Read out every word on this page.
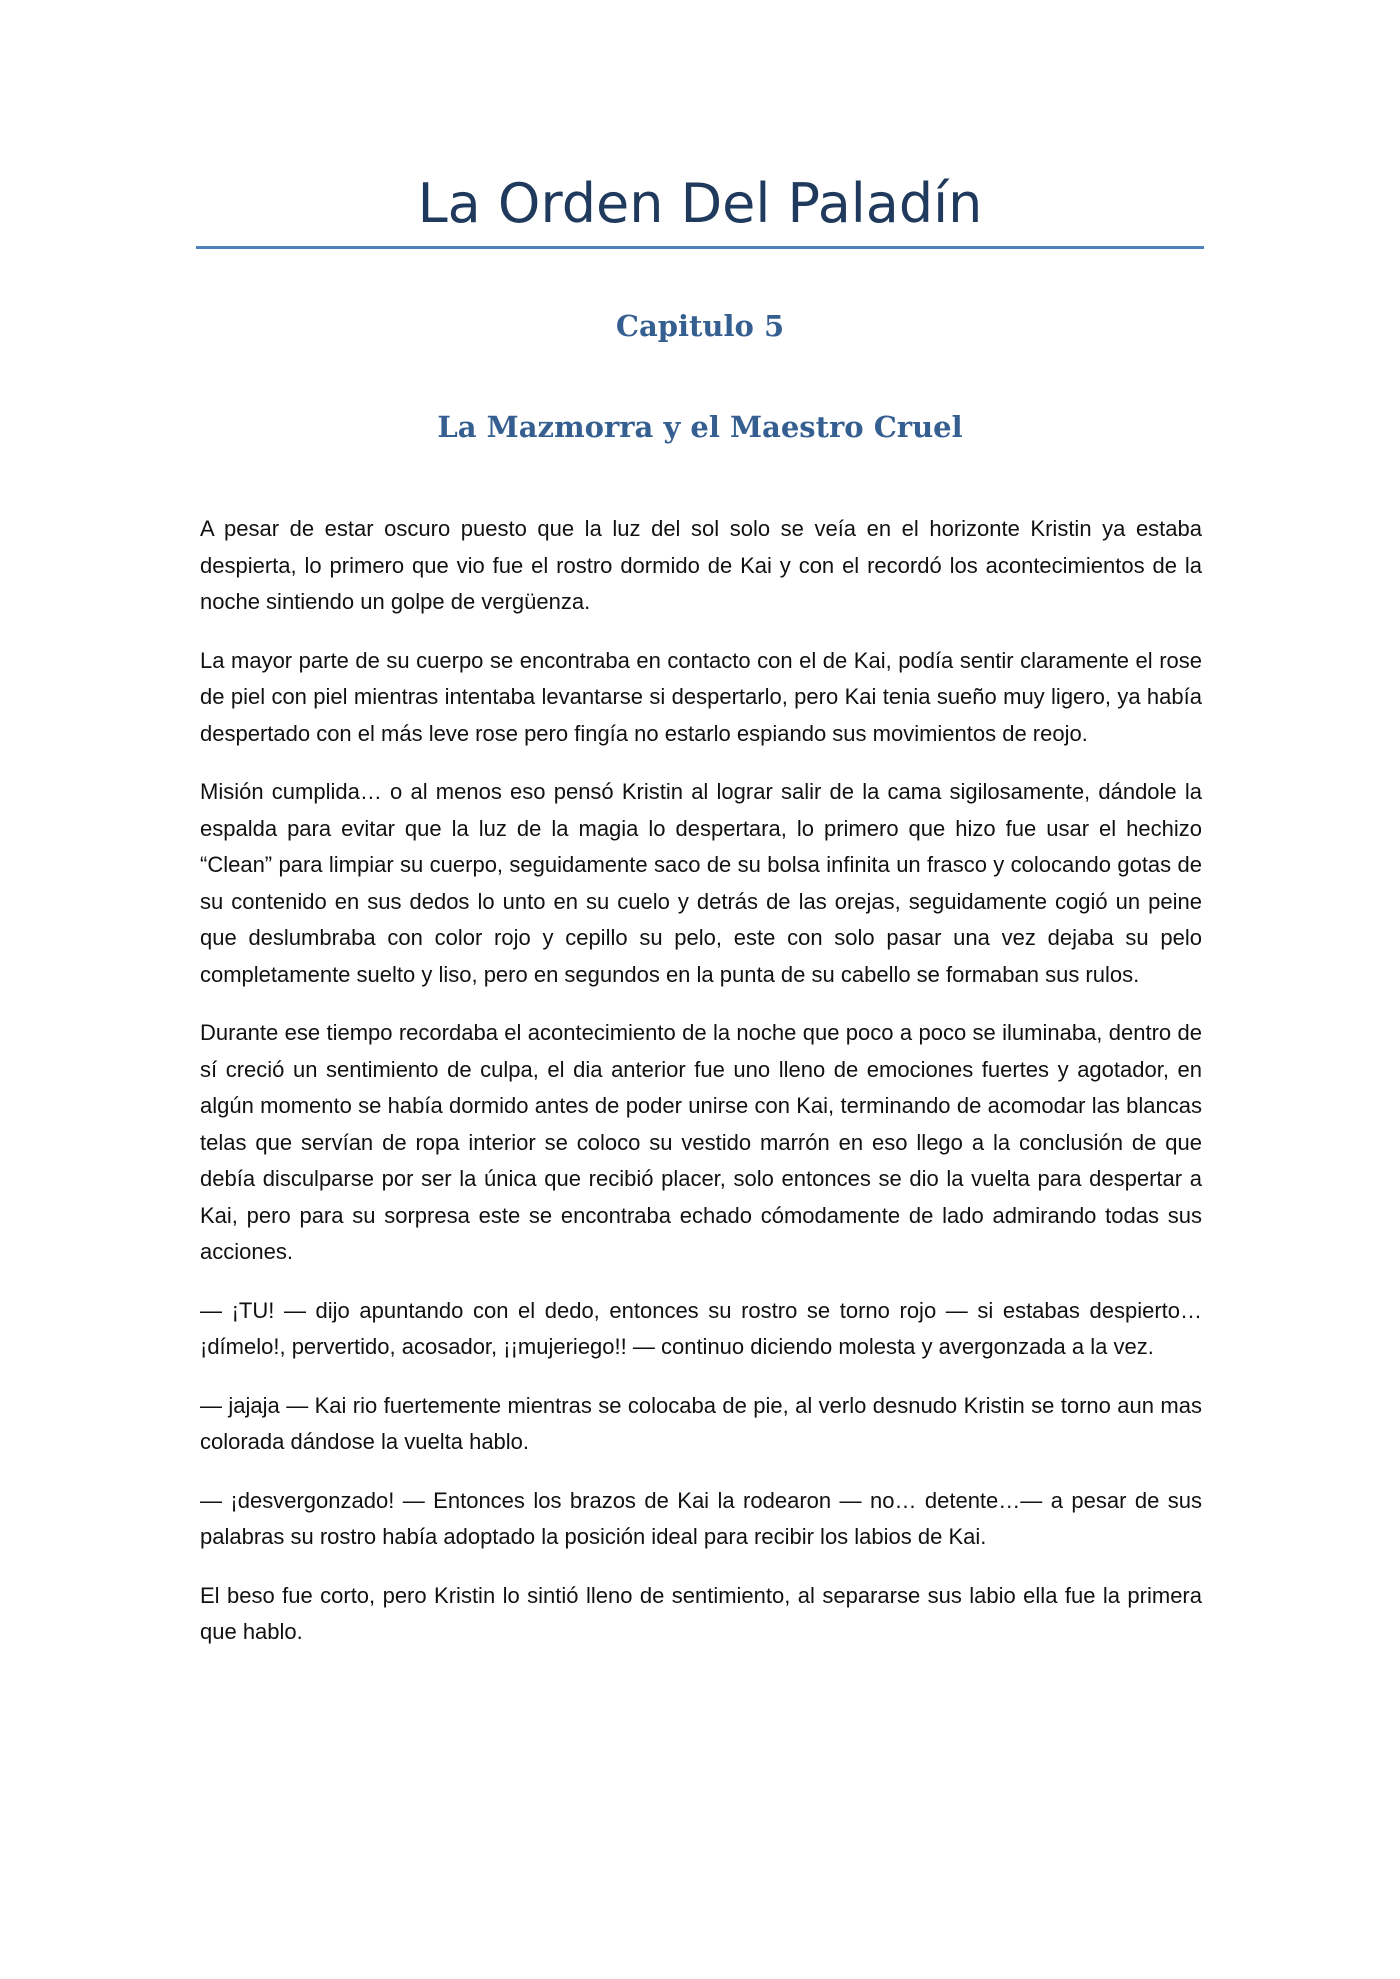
La Orden Del Paladín
Capitulo 5
La Mazmorra y el Maestro Cruel

A pesar de estar oscuro puesto que la luz del sol solo se veía en el horizonte Kristin ya estaba despierta, lo primero que vio fue el rostro dormido de Kai y con el recordó los acontecimientos de la noche sintiendo un golpe de vergüenza.

La mayor parte de su cuerpo se encontraba en contacto con el de Kai, podía sentir claramente el rose de piel con piel mientras intentaba levantarse si despertarlo, pero Kai tenia sueño muy ligero, ya había despertado con el más leve rose pero fingía no estarlo espiando sus movimientos de reojo.

Misión cumplida… o al menos eso pensó Kristin al lograr salir de la cama sigilosamente, dándole la espalda para evitar que la luz de la magia lo despertara, lo primero que hizo fue usar el hechizo “Clean” para limpiar su cuerpo, seguidamente saco de su bolsa infinita un frasco y colocando gotas de su contenido en sus dedos lo unto en su cuelo y detrás de las orejas, seguidamente cogió un peine que deslumbraba con color rojo y cepillo su pelo, este con solo pasar una vez dejaba su pelo completamente suelto y liso, pero en segundos en la punta de su cabello se formaban sus rulos.

Durante ese tiempo recordaba el acontecimiento de la noche que poco a poco se iluminaba, dentro de sí creció un sentimiento de culpa, el dia anterior fue uno lleno de emociones fuertes y agotador, en algún momento se había dormido antes de poder unirse con Kai, terminando de acomodar las blancas telas que servían de ropa interior se coloco su vestido marrón en eso llego a la conclusión de que debía disculparse por ser la única que recibió placer, solo entonces se dio la vuelta para despertar a Kai, pero para su sorpresa este se encontraba echado cómodamente de lado admirando todas sus acciones.

— ¡TU! — dijo apuntando con el dedo, entonces su rostro se torno rojo — si estabas despierto… ¡dímelo!, pervertido, acosador, ¡¡mujeriego!! — continuo diciendo molesta y avergonzada a la vez.

— jajaja — Kai rio fuertemente mientras se colocaba de pie, al verlo desnudo Kristin se torno aun mas colorada dándose la vuelta hablo.

— ¡desvergonzado! — Entonces los brazos de Kai la rodearon — no… detente…— a pesar de sus palabras su rostro había adoptado la posición ideal para recibir los labios de Kai.

El beso fue corto, pero Kristin lo sintió lleno de sentimiento, al separarse sus labio ella fue la primera que hablo.
